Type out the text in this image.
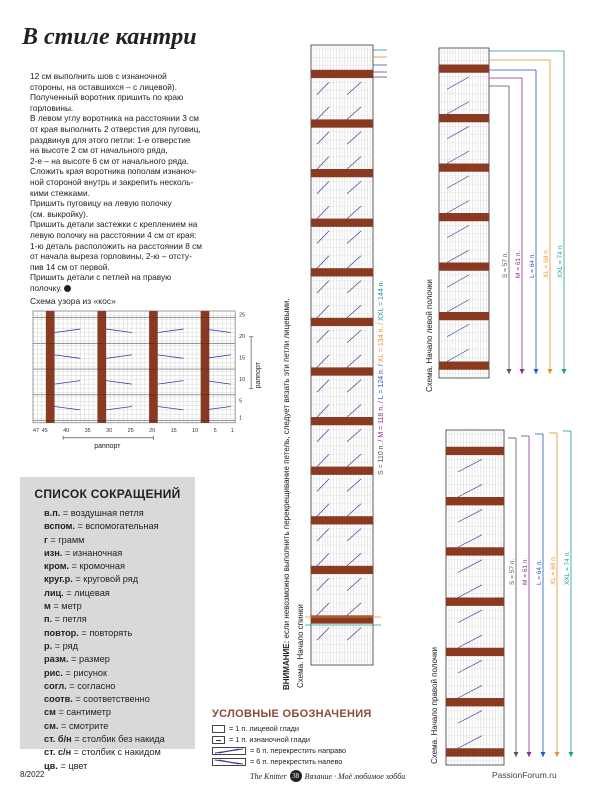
В стиле кантри

12 см выполнить шов с изнаночной

стороны, на оставшихся – с лицевой).

Полученный воротник пришить по краю

горловины.

В левом углу воротника на расстоянии 3 см

от края выполнить 2 отверстия для пуговиц,

раздвинув для этого петли: 1-е отверстие

на высоте 2 см от начального ряда,

2-е – на высоте 6 см от начального ряда.

Сложить края воротника пополам изнаноч-

ной стороной внутрь и закрепить несколь-

кими стежками.

Пришить пуговицу на левую полочку

(см. выкройку).

Пришить детали застежки с креплением на

левую полочку на расстоянии 4 см от края:

1-ю деталь расположить на расстоянии 8 см

от начала выреза горловины, 2-ю – отсту-

пив 14 см от первой.

Пришить детали с петлей на правую

полочку.

Схема узора из «кос»
25
20
15
10
5
1
47 45	40	35	30	25	20	15	10	5	1
раппорт
раппорт
СПИСОК СОКРАЩЕНИЙ
в.п. = воздушная петля
вспом. = вспомогательная
г = грамм
изн. = изнаночная
кром. = кромочная
круг.р. = круговой ряд
лиц. = лицевая
м = метр
п. = петля
повтор. = повторять
р. = ряд
разм. = размер
рис. = рисунок
согл. = согласно
соотв. = соответственно
см = сантиметр
см. = смотрите
ст. б/н = столбик без накида
ст. с/н = столбик с накидом
цв. = цвет
S = 110 п. / M = 118 п. / L = 124 п. / XL = 134 п. / XXL = 144 п.
ВНИМАНИЕ: если невозможно выполнить перекрещивание петель, следует вязать эти петли лицевыми.
Схема. Начало спинки
S = 57 п. M = 61 п. L = 64 п. XL = 69 п. XXL = 74 п.
Схема. Начало левой полочки
S = 57 п. M = 61 п. L = 64 п. XL = 69 п. XXL = 74 п.
Схема. Начало правой полочки
УСЛОВНЫЕ ОБОЗНАЧЕНИЯ
= 1 п. лицевой глади
= 1 п. изнаночной глади
= 6 п. перекрестить направо
= 6 п. перекрестить налево
8/2022	The Knitter 38 Вязание · Моё любимое хобби	PassionForum.ru
